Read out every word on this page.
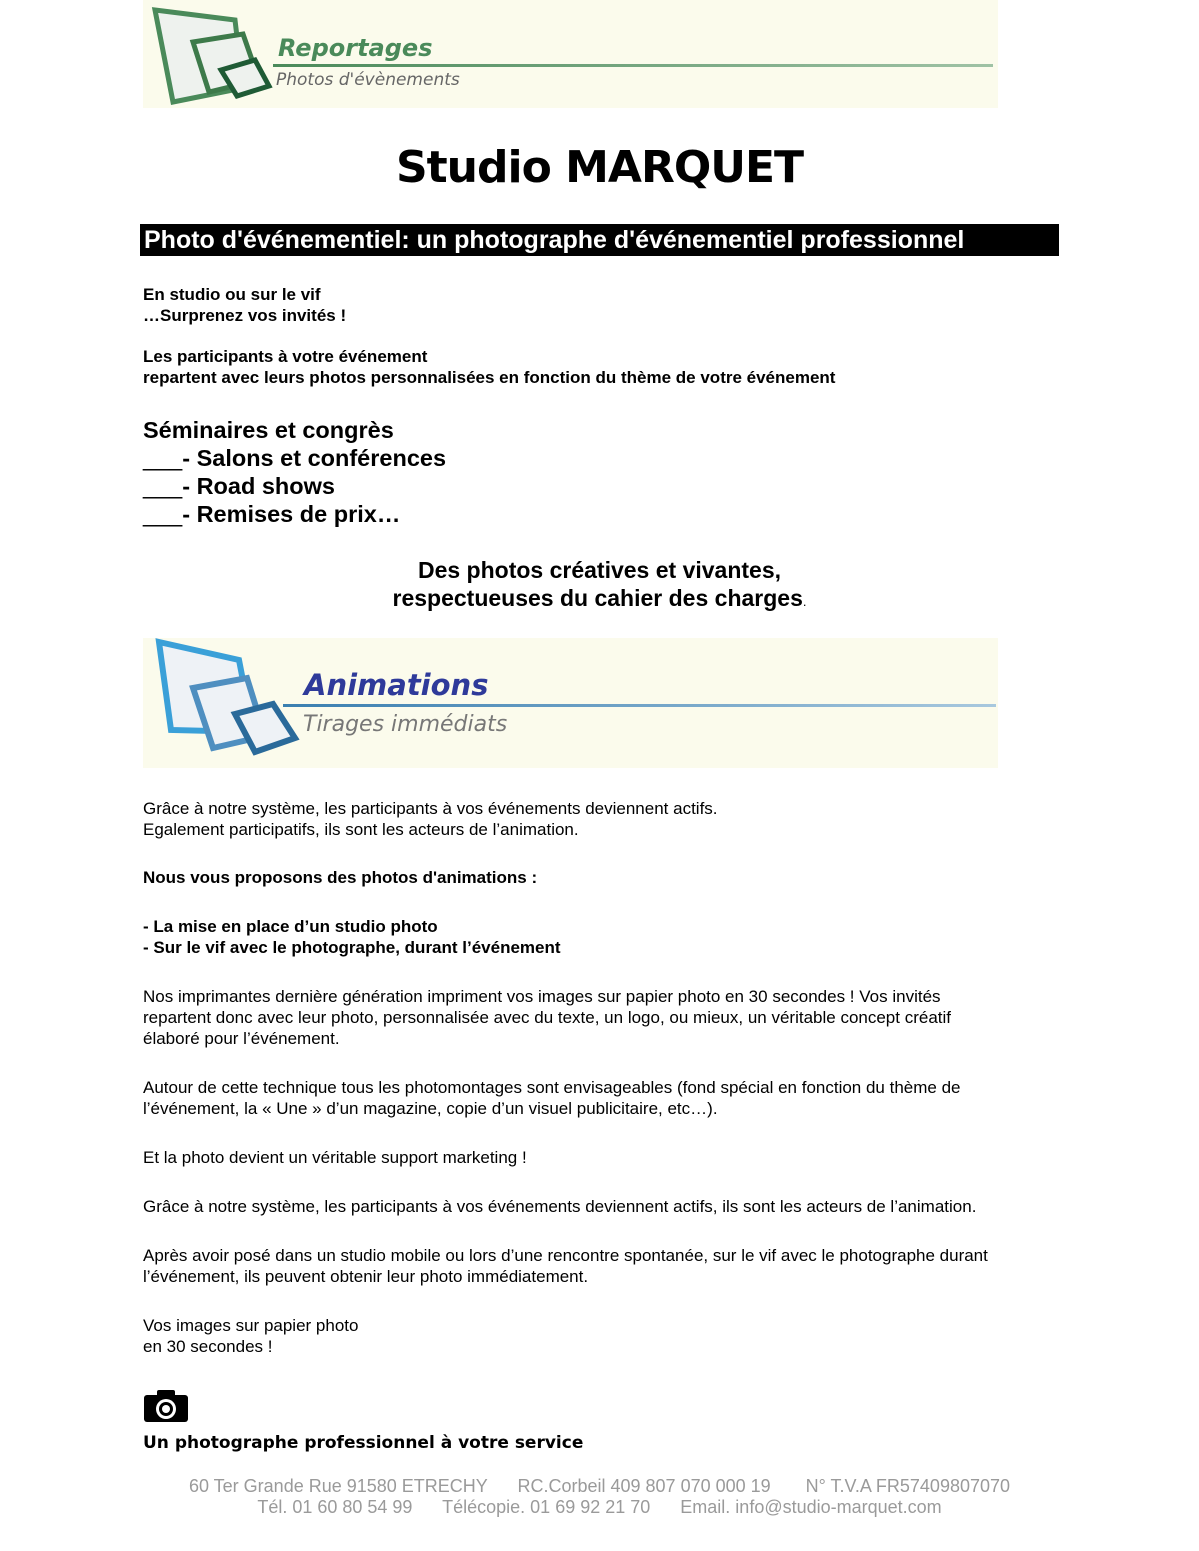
Reportages
Photos d'évènements
Studio MARQUET
Photo d'événementiel: un photographe d'événementiel professionnel
En studio ou sur le vif
…Surprenez vos invités !
Les participants à votre événement
repartent avec leurs photos personnalisées en fonction du thème de votre événement
Séminaires et congrès
___- Salons et conférences
___- Road shows
___- Remises de prix…
Des photos créatives et vivantes,
respectueuses du cahier des charges.
Animations
Tirages immédiats
Grâce à notre système, les participants à vos événements deviennent actifs.
Egalement participatifs, ils sont les acteurs de l’animation.
Nous vous proposons des photos d'animations :
- La mise en place d’un studio photo
- Sur le vif avec le photographe, durant l’événement
Nos imprimantes dernière génération impriment vos images sur papier photo en 30 secondes ! Vos invités
repartent donc avec leur photo, personnalisée avec du texte, un logo, ou mieux, un véritable concept créatif
élaboré pour l’événement.
Autour de cette technique tous les photomontages sont envisageables (fond spécial en fonction du thème de
l’événement, la « Une » d’un magazine, copie d’un visuel publicitaire, etc…).
Et la photo devient un véritable support marketing !
Grâce à notre système, les participants à vos événements deviennent actifs, ils sont les acteurs de l’animation.
Après avoir posé dans un studio mobile ou lors d’une rencontre spontanée, sur le vif avec le photographe durant
l’événement, ils peuvent obtenir leur photo immédiatement.
Vos images sur papier photo
en 30 secondes !
Un photographe professionnel à votre service
60 Ter Grande Rue 91580 ETRECHY      RC.Corbeil 409 807 070 000 19       N° T.V.A FR57409807070
Tél. 01 60 80 54 99      Télécopie. 01 69 92 21 70      Email. info@studio-marquet.com
